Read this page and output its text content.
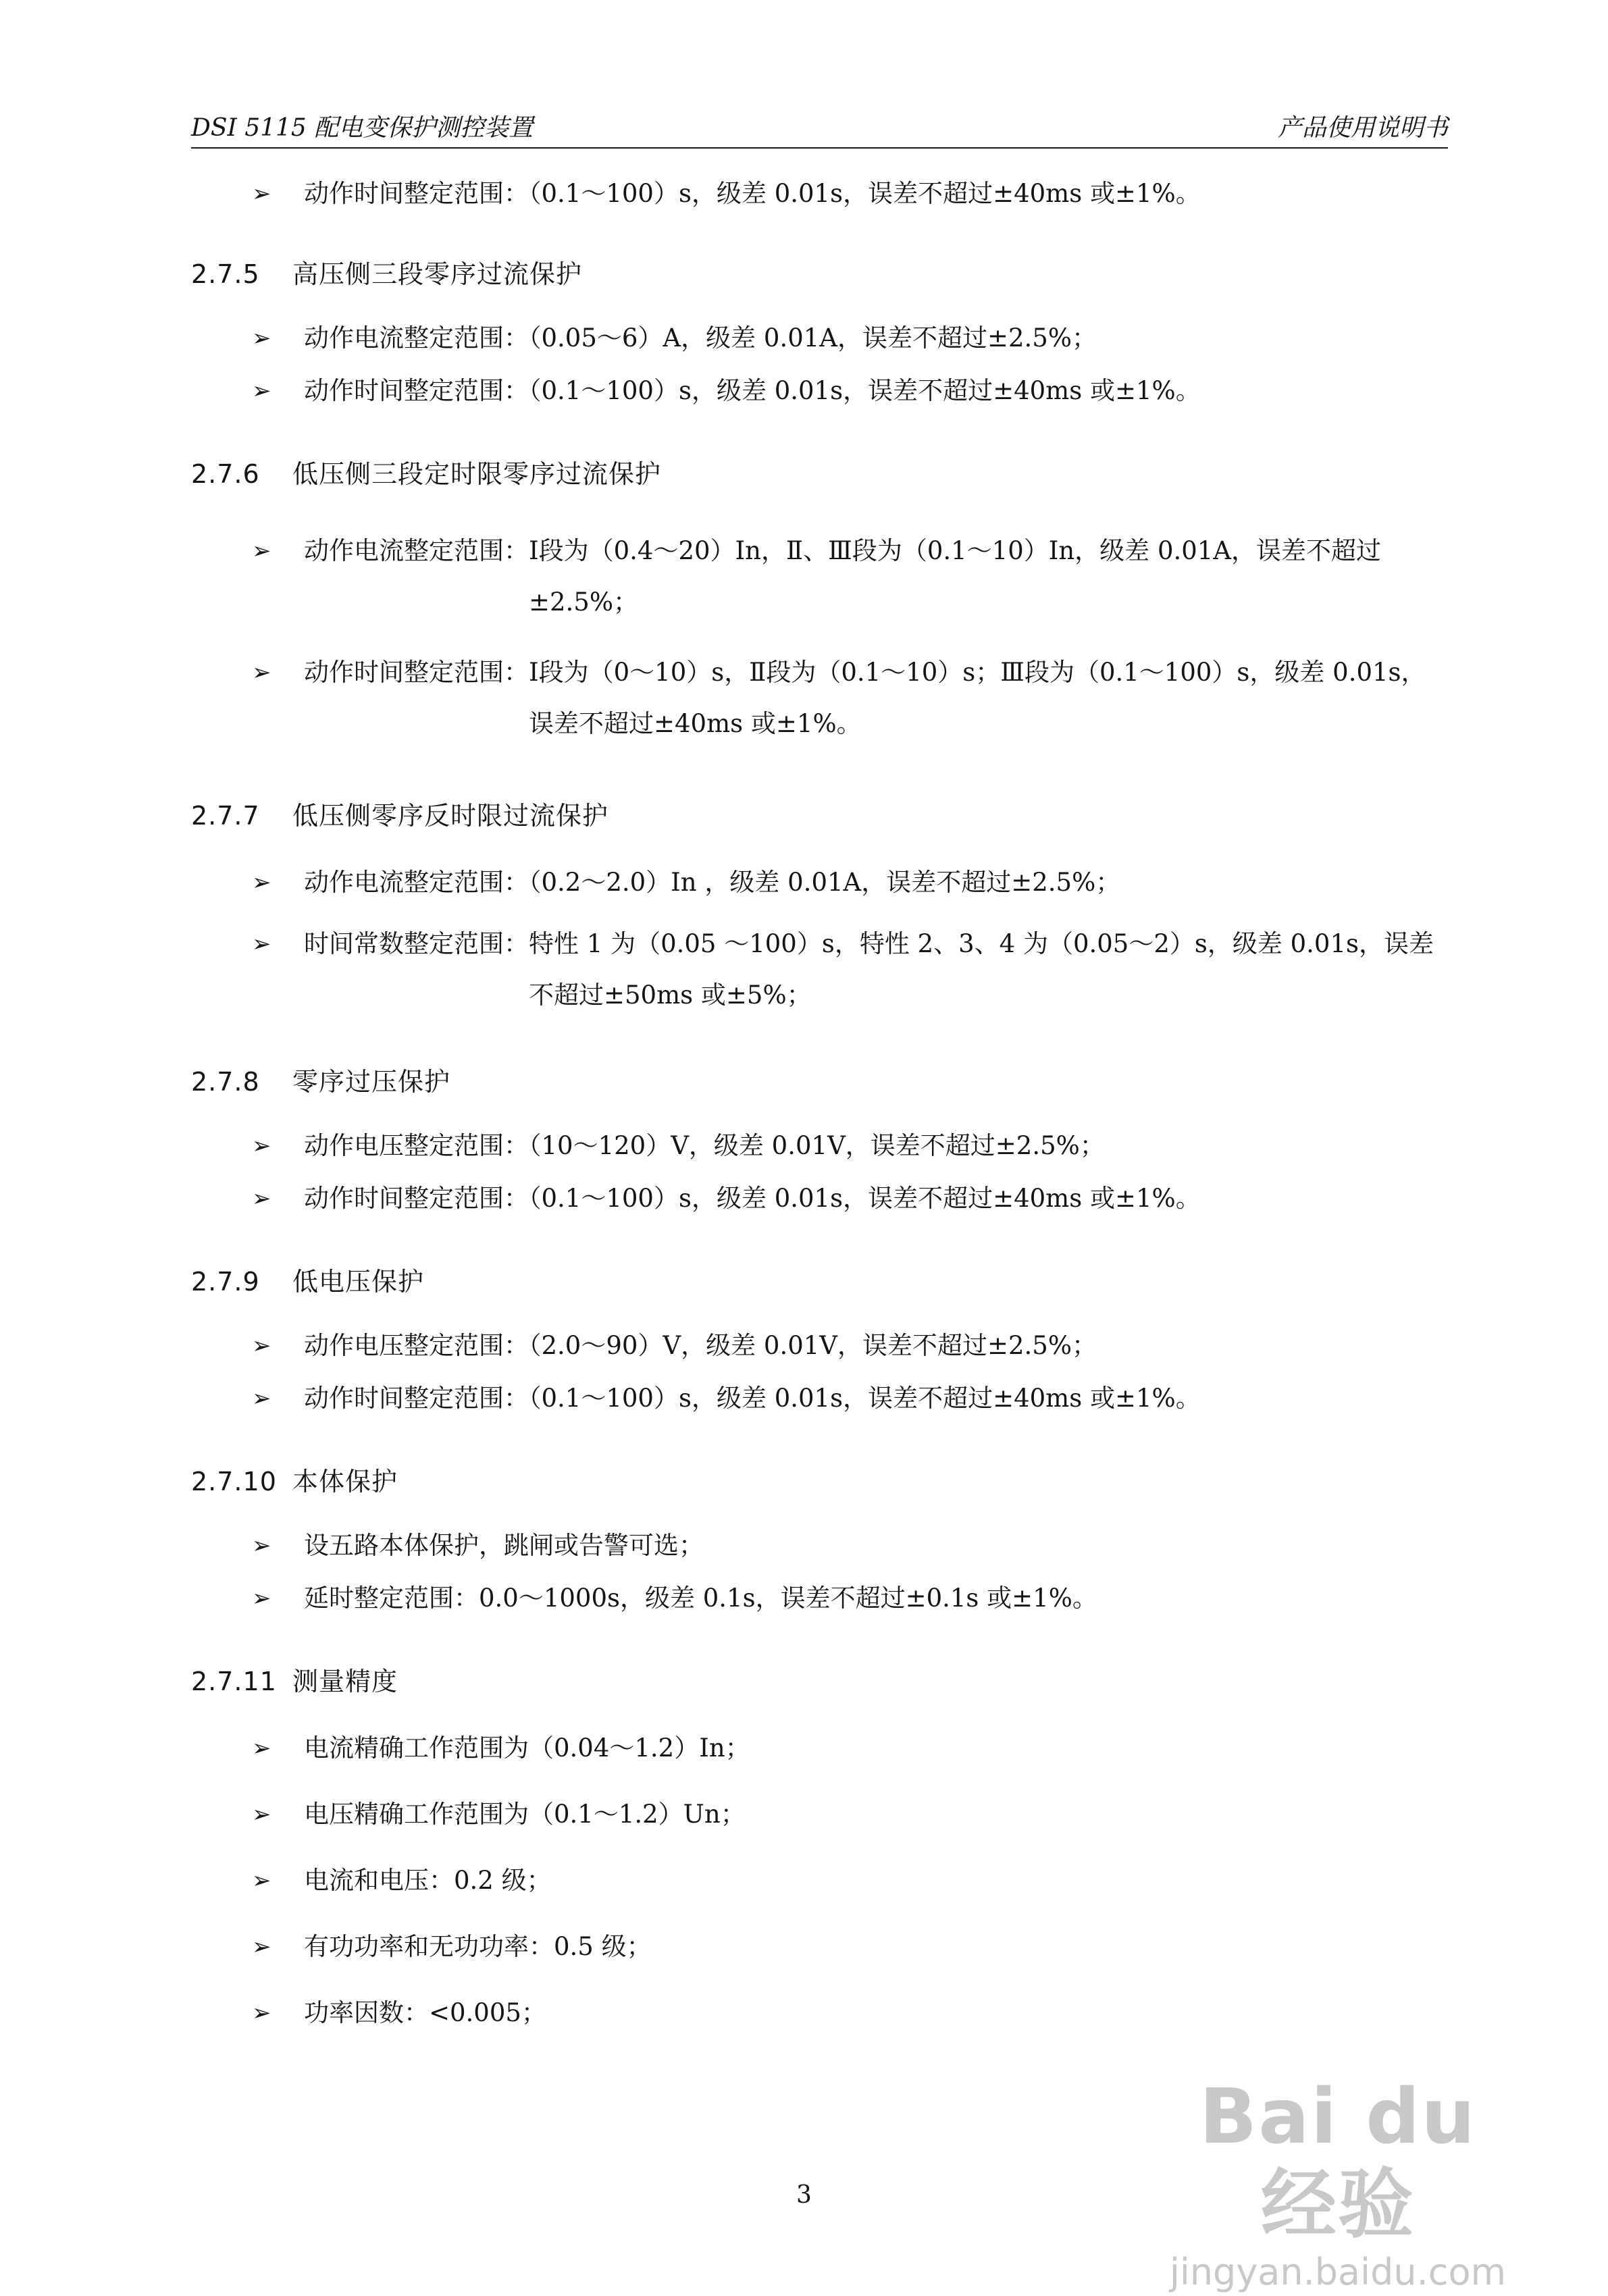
DSI 5115 配电变保护测控装置	产品使用说明书
➢ 动作时间整定范围：（0.1～100）s，级差 0.01s，误差不超过±40ms 或±1%。
2.7.5 高压侧三段零序过流保护
➢ 动作电流整定范围：（0.05～6）A，级差 0.01A，误差不超过±2.5%；
➢ 动作时间整定范围：（0.1～100）s，级差 0.01s，误差不超过±40ms 或±1%。
2.7.6 低压侧三段定时限零序过流保护
➢ 动作电流整定范围： Ⅰ段为（0.4～20）In，Ⅱ、Ⅲ段为（0.1～10）In，级差 0.01A，误差不超过±2.5%；
➢ 动作时间整定范围： Ⅰ段为（0～10）s，Ⅱ段为（0.1～10）s；Ⅲ段为（0.1～100）s，级差 0.01s，误差不超过±40ms 或±1%。
2.7.7 低压侧零序反时限过流保护
➢ 动作电流整定范围：（0.2～2.0）In ，级差 0.01A，误差不超过±2.5%；
➢ 时间常数整定范围： 特性 1 为（0.05 ～100）s，特性 2、3、4 为（0.05～2）s，级差 0.01s，误差不超过±50ms 或±5%；
2.7.8 零序过压保护
➢ 动作电压整定范围：（10～120）V，级差 0.01V，误差不超过±2.5%；
➢ 动作时间整定范围：（0.1～100）s，级差 0.01s，误差不超过±40ms 或±1%。
2.7.9 低电压保护
➢ 动作电压整定范围：（2.0～90）V，级差 0.01V，误差不超过±2.5%；
➢ 动作时间整定范围：（0.1～100）s，级差 0.01s，误差不超过±40ms 或±1%。
2.7.10 本体保护
➢ 设五路本体保护，跳闸或告警可选；
➢ 延时整定范围：0.0～1000s，级差 0.1s，误差不超过±0.1s 或±1%。
2.7.11 测量精度
➢ 电流精确工作范围为（0.04～1.2）In；
➢ 电压精确工作范围为（0.1～1.2）Un；
➢ 电流和电压：0.2 级；
➢ 有功功率和无功功率：0.5 级；
➢ 功率因数：<0.005；
3
Bai du 经验
jingyan.baidu.com
